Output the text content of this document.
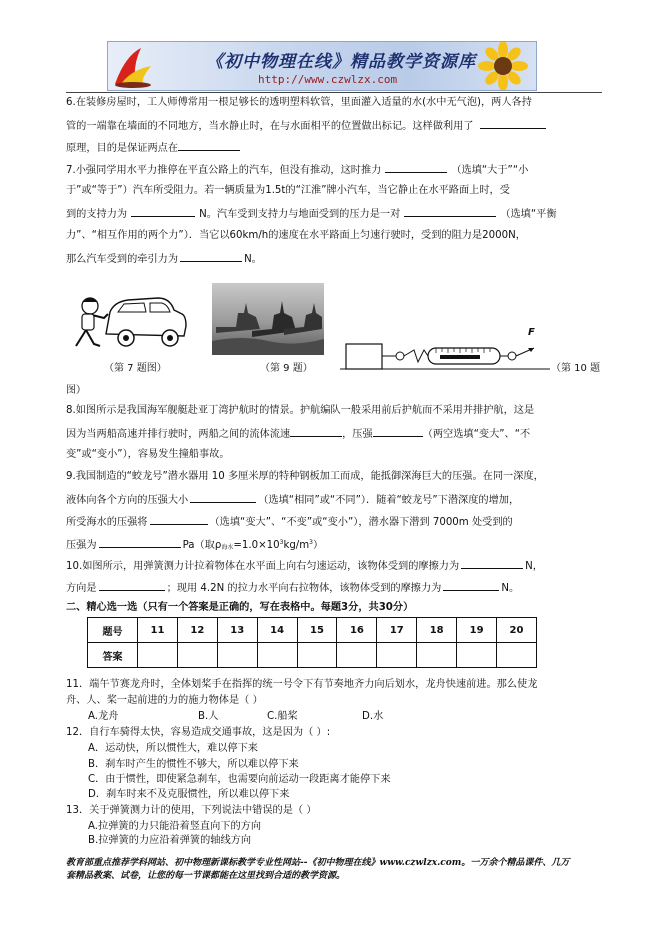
《初中物理在线》精品教学资源库
http://www.czwlzx.com
6.在装修房屋时，工人师傅常用一根足够长的透明塑料软管，里面灌入适量的水(水中无气泡)，两人各持
管的一端靠在墙面的不同地方，当水静止时，在与水面相平的位置做出标记。这样做利用了
原理，目的是保证两点在
7.小强同学用水平力推停在平直公路上的汽车，但没有推动，这时推力	（选填“大于”“小
于”或“等于”）汽车所受阻力。若一辆质量为1.5t的“江淮”牌小汽车，当它静止在水平路面上时，受
到的支持力为	N。汽车受到支持力与地面受到的压力是一对	（选填“平衡
力”、“相互作用的两个力”）．当它以60km/h的速度在水平路面上匀速行驶时，受到的阻力是2000N，
那么汽车受到的牵引力为	N。
（第 7 题图）	（第 9 题）
F
（第 10 题
图）
8.如图所示是我国海军舰艇赴亚丁湾护航时的情景。护航编队一般采用前后护航而不采用并排护航，这是
因为当两船高速并排行驶时，两船之间的流体流速	，压强	（两空选填“变大”、“不
变”或“变小”），容易发生撞船事故。
9.我国制造的“蛟龙号”潜水器用 10 多厘米厚的特种钢板加工而成，能抵御深海巨大的压强。在同一深度，
液体向各个方向的压强大小	（选填“相同”或“不同”）．随着“蛟龙号”下潜深度的增加，
所受海水的压强将	（选填“变大”、“不变”或“变小”），潜水器下潜到 7000m 处受到的
压强为	Pa（取ρ海水$=1.0\times 10^3kg/m^3$）
10.如图所示，用弹簧测力计拉着物体在水平面上向右匀速运动，该物体受到的摩擦力为	N，
方向是	；现用 4.2N 的拉力水平向右拉物体，该物体受到的摩擦力为	N。
二、精心选一选（只有一个答案是正确的，写在表格中。每题3分，共30分）
题号	11	12	13	14	15	16	17	18	19	20
答案										
11．端午节赛龙舟时，全体划桨手在指挥的统一号令下有节奏地齐力向后划水，龙舟快速前进。那么使龙
舟、人、桨一起前进的力的施力物体是（ ）
A.龙舟	B.人	C.船桨	D.水
12．自行车骑得太快，容易造成交通事故，这是因为（ ）:
A．运动快，所以惯性大，难以停下来
B．刹车时产生的惯性不够大，所以难以停下来
C．由于惯性，即使紧急刹车，也需要向前运动一段距离才能停下来
D．刹车时来不及克服惯性，所以难以停下来
13．关于弹簧测力计的使用，下列说法中错误的是（ ）
A.拉弹簧的力只能沿着竖直向下的方向
B.拉弹簧的力应沿着弹簧的轴线方向
教育部重点推荐学科网站、初中物理新课标教学专业性网站--《初中物理在线》www.czwlzx.com。一万余个精品课件、几万
套精品教案、试卷，让您的每一节课都能在这里找到合适的教学资源。
